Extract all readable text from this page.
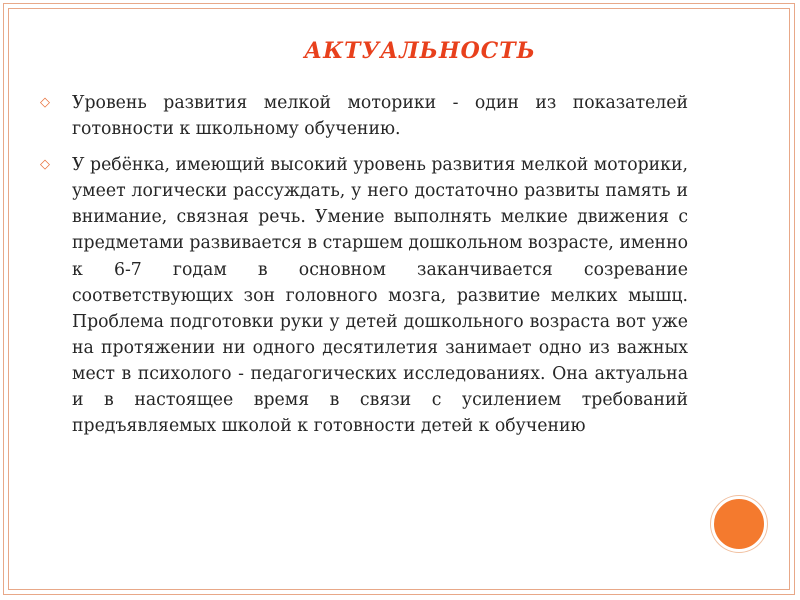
АКТУАЛЬНОСТЬ
◇ Уровень развития мелкой моторики - один из показателей готовности к школьному обучению.
◇ У ребёнка, имеющий высокий уровень развития мелкой моторики, умеет логически рассуждать, у него достаточно развиты память и внимание, связная речь. Умение выполнять мелкие движения с предметами развивается в старшем дошкольном возрасте, именно к 6-7 годам в основном заканчивается созревание соответствующих зон головного мозга, развитие мелких мышц. Проблема подготовки руки у детей дошкольного возраста вот уже на протяжении ни одного десятилетия занимает одно из важных мест в психолого - педагогических исследованиях. Она актуальна и в настоящее время в связи с усилением требований предъявляемых школой к готовности детей к обучению
